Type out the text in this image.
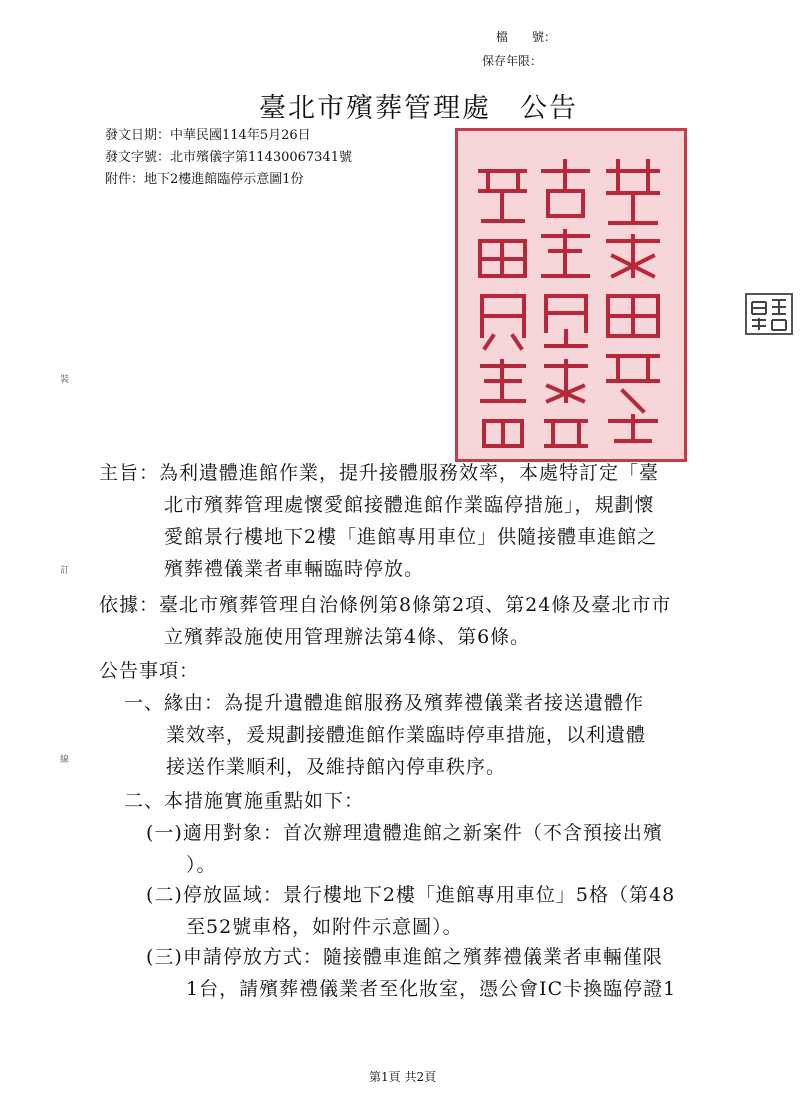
檔　　號：
保存年限：
臺北市殯葬管理處　公告
發文日期：中華民國114年5月26日
發文字號：北市殯儀字第11430067341號
附件：地下2樓進館臨停示意圖1份
裝
訂
線
主旨：為利遺體進館作業，提升接體服務效率，本處特訂定「臺
北市殯葬管理處懷愛館接體進館作業臨停措施」，規劃懷
愛館景行樓地下2樓「進館專用車位」供隨接體車進館之
殯葬禮儀業者車輛臨時停放。
依據：臺北市殯葬管理自治條例第8條第2項、第24條及臺北市市
立殯葬設施使用管理辦法第4條、第6條。
公告事項：
一、緣由：為提升遺體進館服務及殯葬禮儀業者接送遺體作
業效率，爰規劃接體進館作業臨時停車措施，以利遺體
接送作業順利，及維持館內停車秩序。
二、本措施實施重點如下：
(一)適用對象：首次辦理遺體進館之新案件（不含預接出殯
）。
(二)停放區域：景行樓地下2樓「進館專用車位」5格（第48
至52號車格，如附件示意圖）。
(三)申請停放方式：隨接體車進館之殯葬禮儀業者車輛僅限
1台，請殯葬禮儀業者至化妝室，憑公會IC卡換臨停證1
第1頁 共2頁
